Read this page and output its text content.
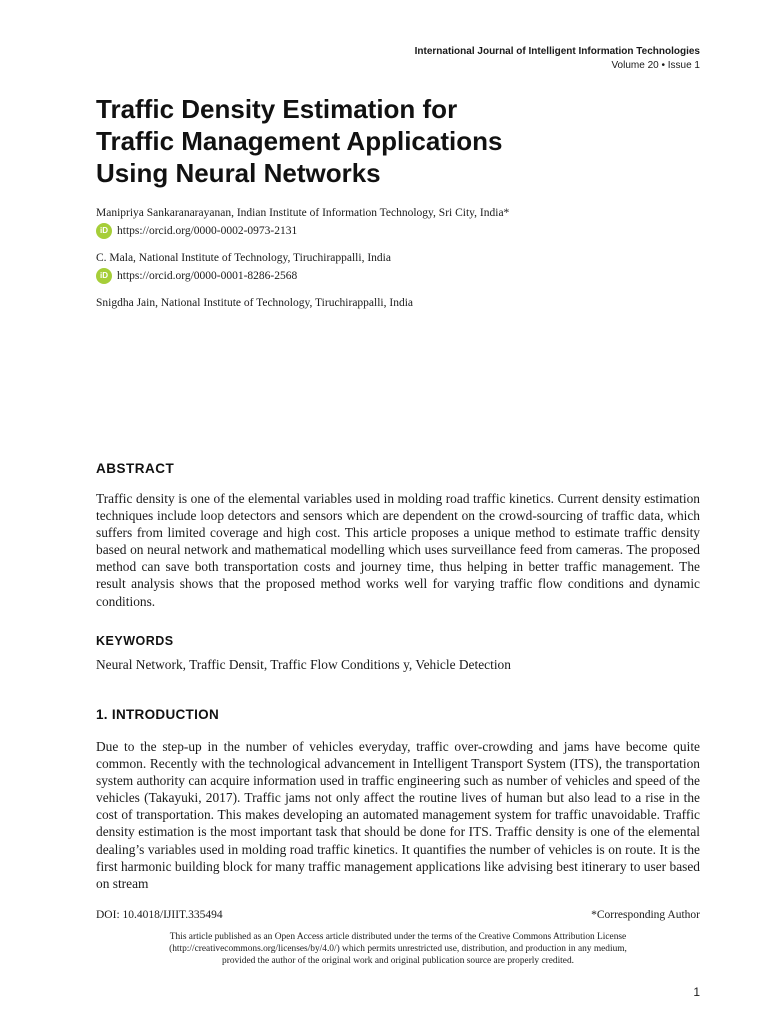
International Journal of Intelligent Information Technologies
Volume 20 • Issue 1
Traffic Density Estimation for
Traffic Management Applications
Using Neural Networks
Manipriya Sankaranarayanan, Indian Institute of Information Technology, Sri City, India*
iD https://orcid.org/0000-0002-0973-2131
C. Mala, National Institute of Technology, Tiruchirappalli, India
iD https://orcid.org/0000-0001-8286-2568
Snigdha Jain, National Institute of Technology, Tiruchirappalli, India
ABSTRACT

Traffic density is one of the elemental variables used in molding road traffic kinetics. Current density estimation techniques include loop detectors and sensors which are dependent on the crowd-sourcing of traffic data, which suffers from limited coverage and high cost. This article proposes a unique method to estimate traffic density based on neural network and mathematical modelling which uses surveillance feed from cameras. The proposed method can save both transportation costs and journey time, thus helping in better traffic management. The result analysis shows that the proposed method works well for varying traffic flow conditions and dynamic conditions.

KEYWORDS

Neural Network, Traffic Densit, Traffic Flow Conditions y, Vehicle Detection

1. INTRODUCTION

Due to the step-up in the number of vehicles everyday, traffic over-crowding and jams have become quite common. Recently with the technological advancement in Intelligent Transport System (ITS), the transportation system authority can acquire information used in traffic engineering such as number of vehicles and speed of the vehicles (Takayuki, 2017). Traffic jams not only affect the routine lives of human but also lead to a rise in the cost of transportation. This makes developing an automated management system for traffic unavoidable. Traffic density estimation is the most important task that should be done for ITS. Traffic density is one of the elemental dealing’s variables used in molding road traffic kinetics. It quantifies the number of vehicles is on route. It is the first harmonic building block for many traffic management applications like advising best itinerary to user based on stream

DOI: 10.4018/IJIIT.335494	*Corresponding Author

This article published as an Open Access article distributed under the terms of the Creative Commons Attribution License
(http://creativecommons.org/licenses/by/4.0/) which permits unrestricted use, distribution, and production in any medium,
provided the author of the original work and original publication source are properly credited.

1
